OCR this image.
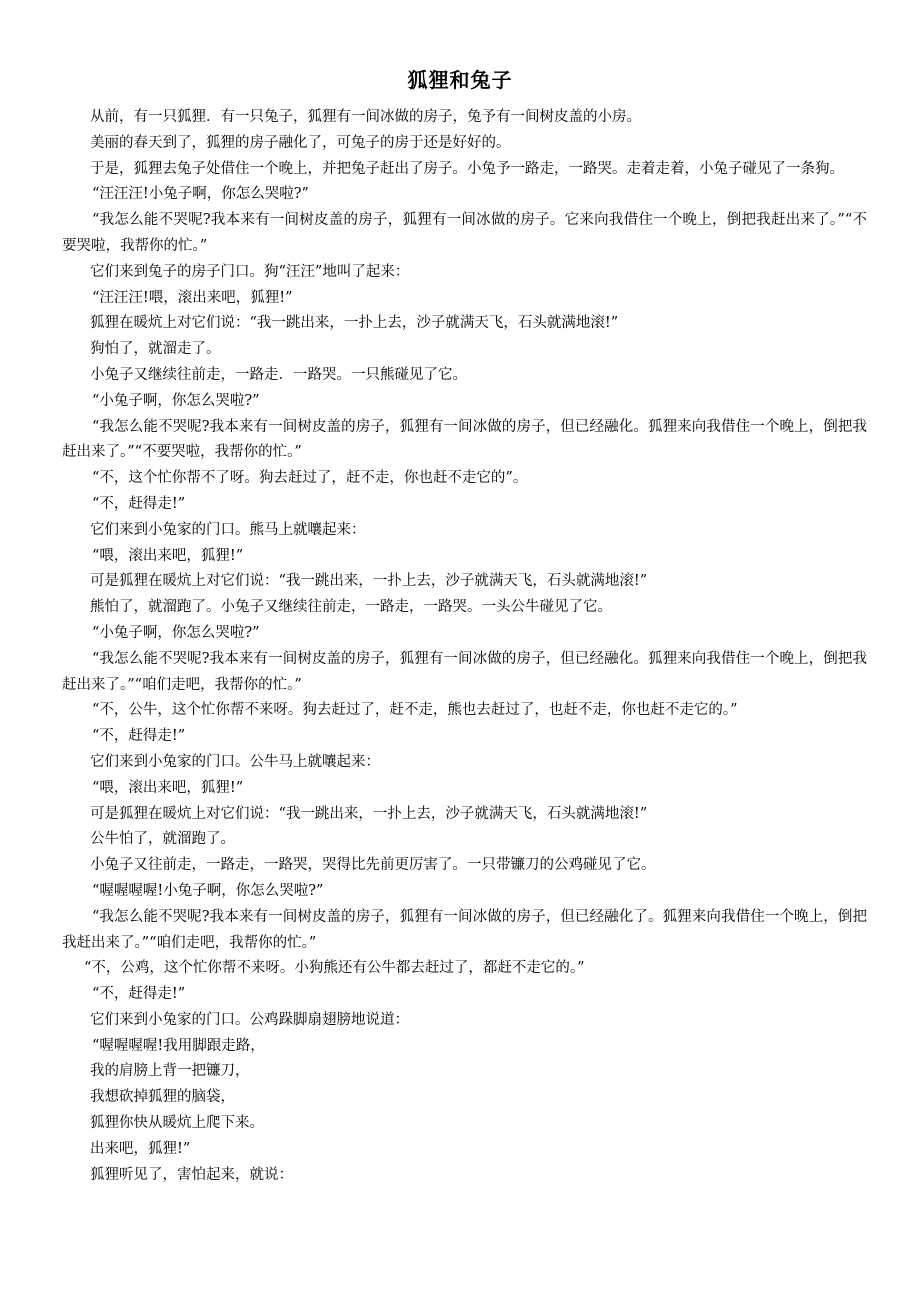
狐狸和兔子

从前，有一只狐狸．有一只兔子，狐狸有一间冰做的房子，兔予有一间树皮盖的小房。

美丽的春天到了，狐狸的房子融化了，可兔子的房于还是好好的。

于是，狐狸去兔子处借住一个晚上，并把兔子赶出了房子。小兔予一路走，一路哭。走着走着，小兔子碰见了一条狗。

“汪汪汪!小兔子啊，你怎么哭啦?”

“我怎么能不哭呢?我本来有一间树皮盖的房子，狐狸有一间冰做的房子。它来向我借住一个晚上，倒把我赶出来了。”“不要哭啦，我帮你的忙。”

它们来到兔子的房子门口。狗“汪汪”地叫了起来：

“汪汪汪!喂，滚出来吧，狐狸!”

狐狸在暖炕上对它们说：“我一跳出来，一扑上去，沙子就满天飞，石头就满地滚!”

狗怕了，就溜走了。

小兔子又继续往前走，一路走．一路哭。一只熊碰见了它。

“小兔子啊，你怎么哭啦?”

“我怎么能不哭呢?我本来有一间树皮盖的房子，狐狸有一间冰做的房子，但已经融化。狐狸来向我借住一个晚上，倒把我赶出来了。”“不要哭啦，我帮你的忙。”

“不，这个忙你帮不了呀。狗去赶过了，赶不走，你也赶不走它的”。

“不，赶得走!”

它们来到小兔家的门口。熊马上就嚷起来：

“喂，滚出来吧，狐狸!”

可是狐狸在暖炕上对它们说：“我一跳出来，一扑上去，沙子就满天飞，石头就满地滚!”

熊怕了，就溜跑了。小兔子又继续往前走，一路走，一路哭。一头公牛碰见了它。

“小兔子啊，你怎么哭啦?”

“我怎么能不哭呢?我本来有一间树皮盖的房子，狐狸有一间冰做的房子，但已经融化。狐狸来向我借住一个晚上，倒把我赶出来了。”“咱们走吧，我帮你的忙。”

“不，公牛，这个忙你帮不来呀。狗去赶过了，赶不走，熊也去赶过了，也赶不走，你也赶不走它的。”

“不，赶得走!”

它们来到小兔家的门口。公牛马上就嚷起来：

“喂，滚出来吧，狐狸!”

可是狐狸在暖炕上对它们说：“我一跳出来，一扑上去，沙子就满天飞，石头就满地滚!”

公牛怕了，就溜跑了。

小兔子又往前走，一路走，一路哭，哭得比先前更厉害了。一只带镰刀的公鸡碰见了它。

“喔喔喔喔!小兔子啊，你怎么哭啦?”

“我怎么能不哭呢?我本来有一间树皮盖的房子，狐狸有一间冰做的房子，但已经融化了。狐狸来向我借住一个晚上，倒把我赶出来了。”“咱们走吧，我帮你的忙。”

“不，公鸡，这个忙你帮不来呀。小狗熊还有公牛都去赶过了，都赶不走它的。”

“不，赶得走!”

它们来到小兔家的门口。公鸡跺脚扇翅膀地说道：

“喔喔喔喔!我用脚跟走路，

我的肩膀上背一把镰刀，

我想砍掉狐狸的脑袋，

狐狸你快从暖炕上爬下来。

出来吧，狐狸!”

狐狸听见了，害怕起来，就说：
